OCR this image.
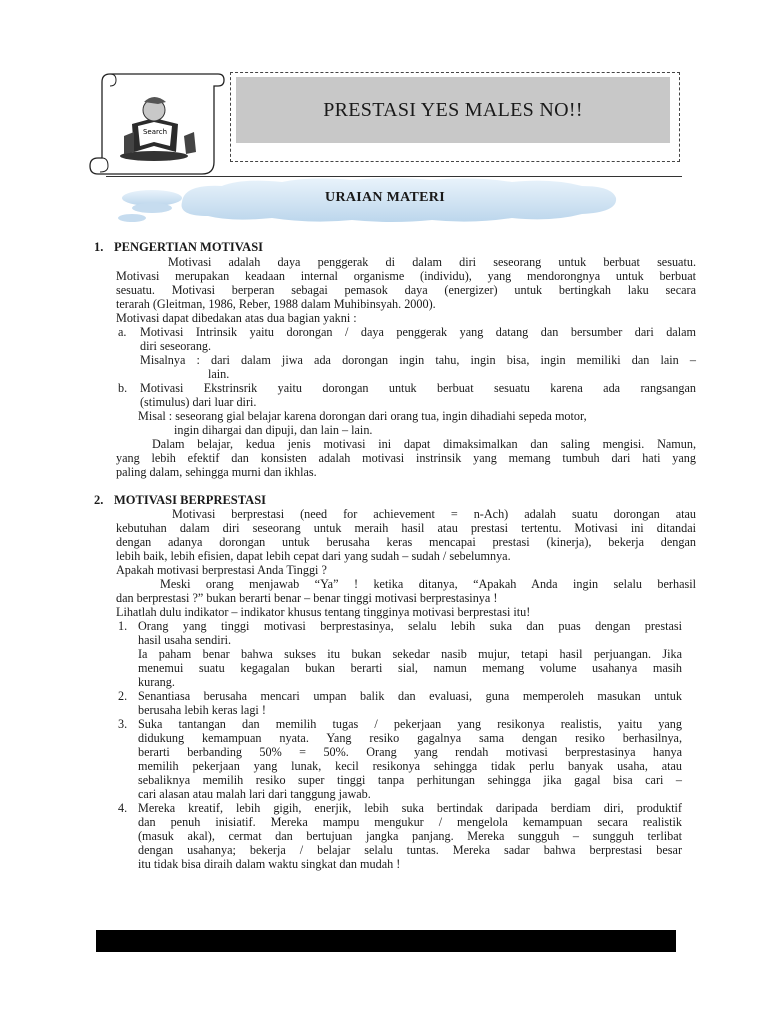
Search
PRESTASI YES MALES NO!!
URAIAN MATERI
1. PENGERTIAN MOTIVASI
Motivasi adalah daya penggerak di dalam diri seseorang untuk berbuat sesuatu.
Motivasi merupakan keadaan internal organisme (individu), yang mendorongnya untuk berbuat
sesuatu. Motivasi berperan sebagai pemasok daya (energizer) untuk bertingkah laku secara
terarah (Gleitman, 1986, Reber, 1988 dalam Muhibinsyah. 2000).
Motivasi dapat dibedakan atas dua bagian yakni :
a. Motivasi Intrinsik yaitu dorongan / daya penggerak yang datang dan bersumber dari dalam
diri seseorang.
Misalnya : dari dalam jiwa ada dorongan ingin tahu, ingin bisa, ingin memiliki dan lain –
lain.
b. Motivasi Ekstrinsrik yaitu dorongan untuk berbuat sesuatu karena ada rangsangan
(stimulus) dari luar diri.
Misal : seseorang gial belajar karena dorongan dari orang tua, ingin dihadiahi sepeda motor,
ingin dihargai dan dipuji, dan lain – lain.
Dalam belajar, kedua jenis motivasi ini dapat dimaksimalkan dan saling mengisi. Namun,
yang lebih efektif dan konsisten adalah motivasi instrinsik yang memang tumbuh dari hati yang
paling dalam, sehingga murni dan ikhlas.
2. MOTIVASI BERPRESTASI
Motivasi berprestasi (need for achievement = n-Ach) adalah suatu dorongan atau
kebutuhan dalam diri seseorang untuk meraih hasil atau prestasi tertentu. Motivasi ini ditandai
dengan adanya dorongan untuk berusaha keras mencapai prestasi (kinerja), bekerja dengan
lebih baik, lebih efisien, dapat lebih cepat dari yang sudah – sudah / sebelumnya.
Apakah motivasi berprestasi Anda Tinggi ?
Meski orang menjawab “Ya” ! ketika ditanya, “Apakah Anda ingin selalu berhasil
dan berprestasi ?” bukan berarti benar – benar tinggi motivasi berprestasinya !
Lihatlah dulu indikator – indikator khusus tentang tingginya motivasi berprestasi itu!
1. Orang yang tinggi motivasi berprestasinya, selalu lebih suka dan puas dengan prestasi
hasil usaha sendiri.
Ia paham benar bahwa sukses itu bukan sekedar nasib mujur, tetapi hasil perjuangan. Jika
menemui suatu kegagalan bukan berarti sial, namun memang volume usahanya masih
kurang.
2. Senantiasa berusaha mencari umpan balik dan evaluasi, guna memperoleh masukan untuk
berusaha lebih keras lagi !
3. Suka tantangan dan memilih tugas / pekerjaan yang resikonya realistis, yaitu yang
didukung kemampuan nyata. Yang resiko gagalnya sama dengan resiko berhasilnya,
berarti berbanding 50% = 50%. Orang yang rendah motivasi berprestasinya hanya
memilih pekerjaan yang lunak, kecil resikonya sehingga tidak perlu banyak usaha, atau
sebaliknya memilih resiko super tinggi tanpa perhitungan sehingga jika gagal bisa cari –
cari alasan atau malah lari dari tanggung jawab.
4. Mereka kreatif, lebih gigih, enerjik, lebih suka bertindak daripada berdiam diri, produktif
dan penuh inisiatif. Mereka mampu mengukur / mengelola kemampuan secara realistik
(masuk akal), cermat dan bertujuan jangka panjang. Mereka sungguh – sungguh terlibat
dengan usahanya; bekerja / belajar selalu tuntas. Mereka sadar bahwa berprestasi besar
itu tidak bisa diraih dalam waktu singkat dan mudah !
